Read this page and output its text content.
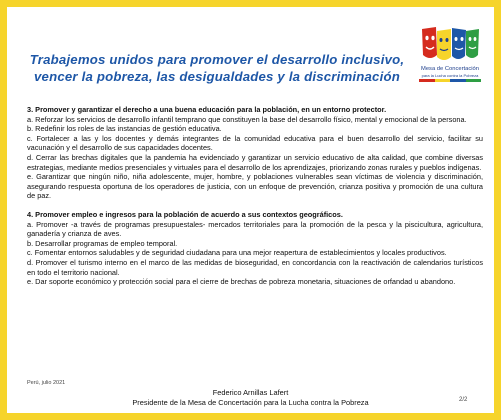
Trabajemos unidos para promover el desarrollo inclusivo,
vencer la pobreza, las desigualdades y la discriminación	Mesa de Concertación
para la Lucha contra la Pobreza

3. Promover y garantizar el derecho a una buena educación para la población, en un entorno protector.

a. Reforzar los servicios de desarrollo infantil temprano que constituyen la base del desarrollo físico, mental y emocional de la persona.

b. Redefinir los roles de las instancias de gestión educativa.

c. Fortalecer a las y los docentes y demás integrantes de la comunidad educativa para el buen desarrollo del servicio, facilitar su vacunación y el desarrollo de sus capacidades docentes.

d. Cerrar las brechas digitales que la pandemia ha evidenciado y garantizar un servicio educativo de alta calidad, que combine diversas estrategias, mediante medios presenciales y virtuales para el desarrollo de los aprendizajes, priorizando zonas rurales y pueblos indígenas.

e. Garantizar que ningún niño, niña adolescente, mujer, hombre, y poblaciones vulnerables sean víctimas de violencia y discriminación, asegurando respuesta oportuna de los operadores de justicia, con un enfoque de prevención, crianza positiva y promoción de una cultura de paz.

4. Promover empleo e ingresos para la población de acuerdo a sus contextos geográficos.

a. Promover -a través de programas presupuestales- mercados territoriales para la promoción de la pesca y la piscicultura, agricultura, ganadería y crianza de aves.

b. Desarrollar programas de empleo temporal.

c. Fomentar entornos saludables y de seguridad ciudadana para una mejor reapertura de establecimientos y locales productivos.

d. Promover el turismo interno en el marco de las medidas de bioseguridad, en concordancia con la reactivación de calendarios turísticos en todo el territorio nacional.

e. Dar soporte económico y protección social para el cierre de brechas de pobreza monetaria, situaciones de orfandad u abandono.

Perú, julio 2021
Federico Arnillas Lafert
Presidente de la Mesa de Concertación para la Lucha contra la Pobreza	2/2
